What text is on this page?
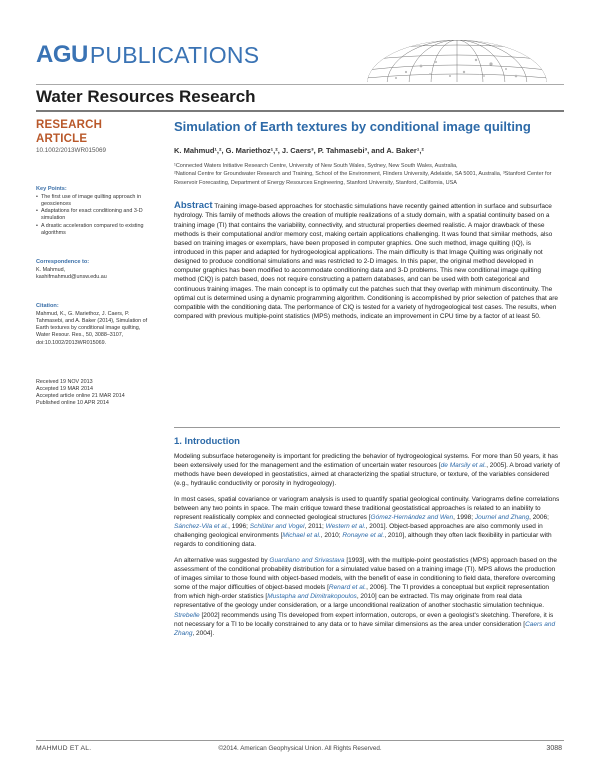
AGU PUBLICATIONS
Water Resources Research
RESEARCH ARTICLE
10.1002/2013WR015069
Key Points:
• The first use of image quilting approach in geosciences
• Adaptations for exact conditioning and 3-D simulation
• A drastic acceleration compared to existing algorithms
Correspondence to:
K. Mahmud,
kashifmahmud@unsw.edu.au
Citation:
Mahmud, K., G. Mariethoz, J. Caers, P. Tahmasebi, and A. Baker (2014), Simulation of Earth textures by conditional image quilting, Water Resour. Res., 50, 3088–3107, doi:10.1002/2013WR015069.
Received 19 NOV 2013
Accepted 19 MAR 2014
Accepted article online 21 MAR 2014
Published online 10 APR 2014
Simulation of Earth textures by conditional image quilting
K. Mahmud¹,², G. Mariethoz¹,², J. Caers³, P. Tahmasebi³, and A. Baker¹,²

¹Connected Waters Initiative Research Centre, University of New South Wales, Sydney, New South Wales, Australia,

²National Centre for Groundwater Research and Training, School of the Environment, Flinders University, Adelaide, SA 5001, Australia, ³Stanford Center for Reservoir Forecasting, Department of Energy Resources Engineering, Stanford University, Stanford, California, USA

Abstract Training image-based approaches for stochastic simulations have recently gained attention in surface and subsurface hydrology. This family of methods allows the creation of multiple realizations of a study domain, with a spatial continuity based on a training image (TI) that contains the variability, connectivity, and structural properties deemed realistic. A major drawback of these methods is their computational and/or memory cost, making certain applications challenging. It was found that similar methods, also based on training images or exemplars, have been proposed in computer graphics. One such method, image quilting (IQ), is introduced in this paper and adapted for hydrogeological applications. The main difficulty is that Image Quilting was originally not designed to produce conditional simulations and was restricted to 2-D images. In this paper, the original method developed in computer graphics has been modified to accommodate conditioning data and 3-D problems. This new conditional image quilting method (CIQ) is patch based, does not require constructing a pattern databases, and can be used with both categorical and continuous training images. The main concept is to optimally cut the patches such that they overlap with minimum discontinuity. The optimal cut is determined using a dynamic programming algorithm. Conditioning is accomplished by prior selection of patches that are compatible with the conditioning data. The performance of CIQ is tested for a variety of hydrogeological test cases. The results, when compared with previous multiple-point statistics (MPS) methods, indicate an improvement in CPU time by a factor of at least 50.
1. Introduction

Modeling subsurface heterogeneity is important for predicting the behavior of hydrogeological systems. For more than 50 years, it has been extensively used for the management and the estimation of uncertain water resources [de Marsily et al., 2005]. A broad variety of methods have been developed in geostatistics, aimed at characterizing the spatial structure, or texture, of the variables considered (e.g., hydraulic conductivity or porosity in hydrogeology).

In most cases, spatial covariance or variogram analysis is used to quantify spatial geological continuity. Variograms define correlations between any two points in space. The main critique toward these traditional geostatistical approaches is related to an inability to represent realistically complex and connected geological structures [Gómez-Hernández and Wen, 1998; Journel and Zhang, 2006; Sánchez-Vila et al., 1996; Schlüter and Vogel, 2011; Western et al., 2001]. Object-based approaches are also commonly used in challenging geological environments [Michael et al., 2010; Ronayne et al., 2010], although they often lack flexibility in particular with regards to conditioning data.

An alternative was suggested by Guardiano and Srivastava [1993], with the multiple-point geostatistics (MPS) approach based on the assessment of the conditional probability distribution for a simulated value based on a training image (TI). MPS allows the production of images similar to those found with object-based models, with the benefit of ease in conditioning to field data, therefore overcoming some of the major difficulties of object-based models [Renard et al., 2006]. The TI provides a conceptual but explicit representation from which high-order statistics [Mustapha and Dimitrakopoulos, 2010] can be extracted. TIs may originate from real data representative of the geology under consideration, or a large unconditional realization of another stochastic simulation technique. Strebelle [2002] recommends using TIs developed from expert information, outcrops, or even a geologist's sketching. Therefore, it is not necessary for a TI to be locally constrained to any data or to have similar dimensions as the area under consideration [Caers and Zhang, 2004].

MAHMUD ET AL.	©2014. American Geophysical Union. All Rights Reserved.	3088
